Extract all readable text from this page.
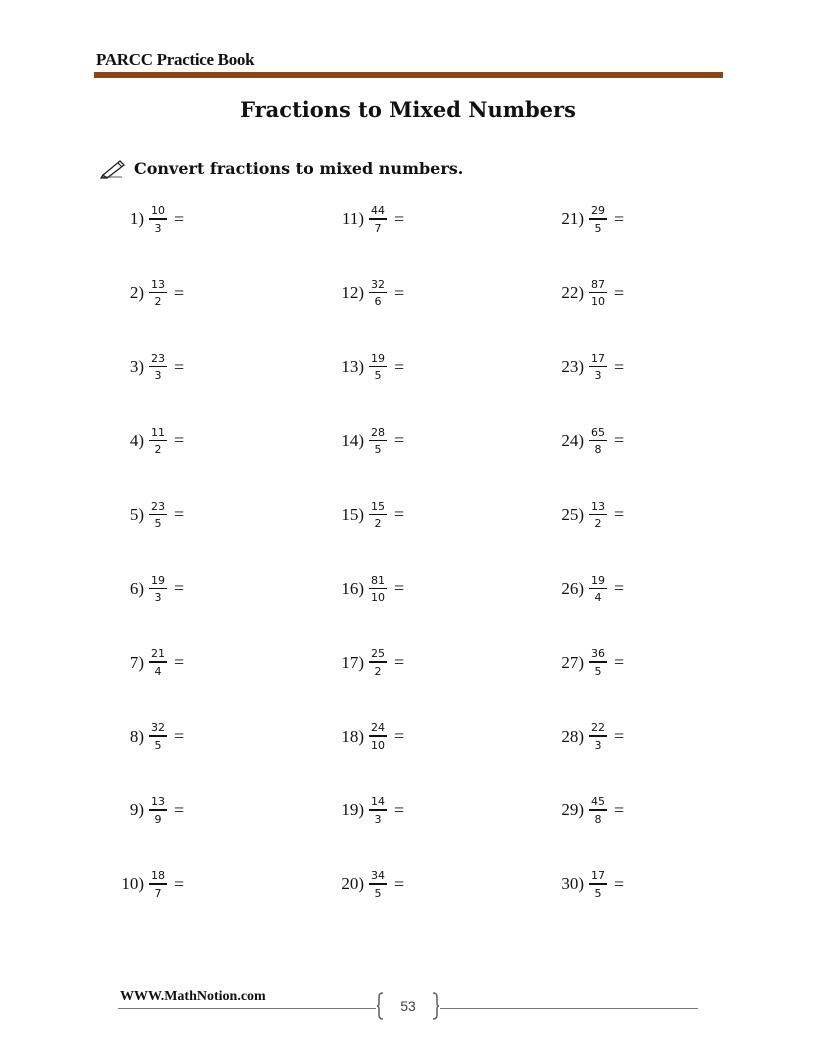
PARCC Practice Book
Fractions to Mixed Numbers
Convert fractions to mixed numbers.
$1) \frac{10}{3}$ =
$2) \frac{13}{2}$ =
$3) \frac{23}{3}$ =
$4) \frac{11}{2}$ =
$5) \frac{23}{5}$ =
$6) \frac{19}{3}$ =
$7) \frac{21}{4}$ =
$8) \frac{32}{5}$ =
$9) \frac{13}{9}$ =
$10) \frac{18}{7}$ =
$11) \frac{44}{7}$ =
$12) \frac{32}{6}$ =
$13) \frac{19}{5}$ =
$14) \frac{28}{5}$ =
$15) \frac{15}{2}$ =
$16) \frac{81}{10}$ =
$17) \frac{25}{2}$ =
$18) \frac{24}{10}$ =
$19) \frac{14}{3}$ =
$20) \frac{34}{5}$ =
$21) \frac{29}{5}$ =
$22) \frac{87}{10}$ =
$23) \frac{17}{3}$ =
$24) \frac{65}{8}$ =
$25) \frac{13}{2}$ =
$26) \frac{19}{4}$ =
$27) \frac{36}{5}$ =
$28) \frac{22}{3}$ =
$29) \frac{45}{8}$ =
$30) \frac{17}{5}$ =
WWW.MathNotion.com
53
